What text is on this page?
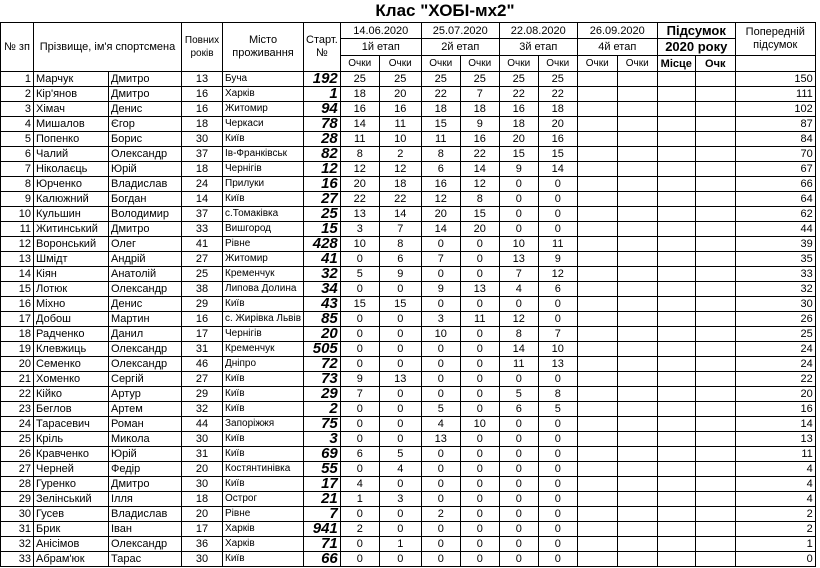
Клас "ХОБІ-мх2"
№ зп	Прізвище, ім'я спортсмена		Повних років	Місто проживання	Старт. №	14.06.2020		25.07.2020		22.08.2020		26.09.2020		Підсумок		Попередній підсумок
						1й етап		2й етап		3й етап		4й етап		2020 року		
						Очки	Очки	Очки	Очки	Очки	Очки	Очки	Очки	Місце	Очк	
1	Марчук	Дмитро	13	Буча	192	25	25	25	25	25	25					150
2	Кір'янов	Дмитро	16	Харків	1	18	20	22	7	22	22					111
3	Хімач	Денис	16	Житомир	94	16	16	18	18	16	18					102
4	Мишалов	Єгор	18	Черкаси	78	14	11	15	9	18	20					87
5	Попенко	Борис	30	Київ	28	11	10	11	16	20	16					84
6	Чалий	Олександр	37	Ів-Франківськ	82	8	2	8	22	15	15					70
7	Ніколаєць	Юрій	18	Чернігів	12	12	12	6	14	9	14					67
8	Юрченко	Владислав	24	Прилуки	16	20	18	16	12	0	0					66
9	Калюжний	Богдан	14	Київ	27	22	22	12	8	0	0					64
10	Кульшин	Володимир	37	с.Томаківка	25	13	14	20	15	0	0					62
11	Житинський	Дмитро	33	Вишгород	15	3	7	14	20	0	0					44
12	Воронський	Олег	41	Рівне	428	10	8	0	0	10	11					39
13	Шмідт	Андрій	27	Житомир	41	0	6	7	0	13	9					35
14	Кіян	Анатолій	25	Кременчук	32	5	9	0	0	7	12					33
15	Лотюк	Олександр	38	Липова Долина	34	0	0	9	13	4	6					32
16	Міхно	Денис	29	Київ	43	15	15	0	0	0	0					30
17	Добош	Мартин	16	с. Жирівка Львів	85	0	0	3	11	12	0					26
18	Радченко	Данил	17	Чернігів	20	0	0	10	0	8	7					25
19	Клевжиць	Олександр	31	Кременчук	505	0	0	0	0	14	10					24
20	Семенко	Олександр	46	Дніпро	72	0	0	0	0	11	13					24
21	Хоменко	Сергій	27	Київ	73	9	13	0	0	0	0					22
22	Кійко	Артур	29	Київ	29	7	0	0	0	5	8					20
23	Беглов	Артем	32	Київ	2	0	0	5	0	6	5					16
24	Тарасевич	Роман	44	Запоріжжя	75	0	0	4	10	0	0					14
25	Кріль	Микола	30	Київ	3	0	0	13	0	0	0					13
26	Кравченко	Юрій	31	Київ	69	6	5	0	0	0	0					11
27	Черней	Федір	20	Костянтинівка	55	0	4	0	0	0	0					4
28	Гуренко	Дмитро	30	Київ	17	4	0	0	0	0	0					4
29	Зелінський	Ілля	18	Острог	21	1	3	0	0	0	0					4
30	Гусев	Владислав	20	Рівне	7	0	0	2	0	0	0					2
31	Брик	Іван	17	Харків	941	2	0	0	0	0	0					2
32	Анісімов	Олександр	36	Харків	71	0	1	0	0	0	0					1
33	Абрам'юк	Тарас	30	Київ	66	0	0	0	0	0	0					0
